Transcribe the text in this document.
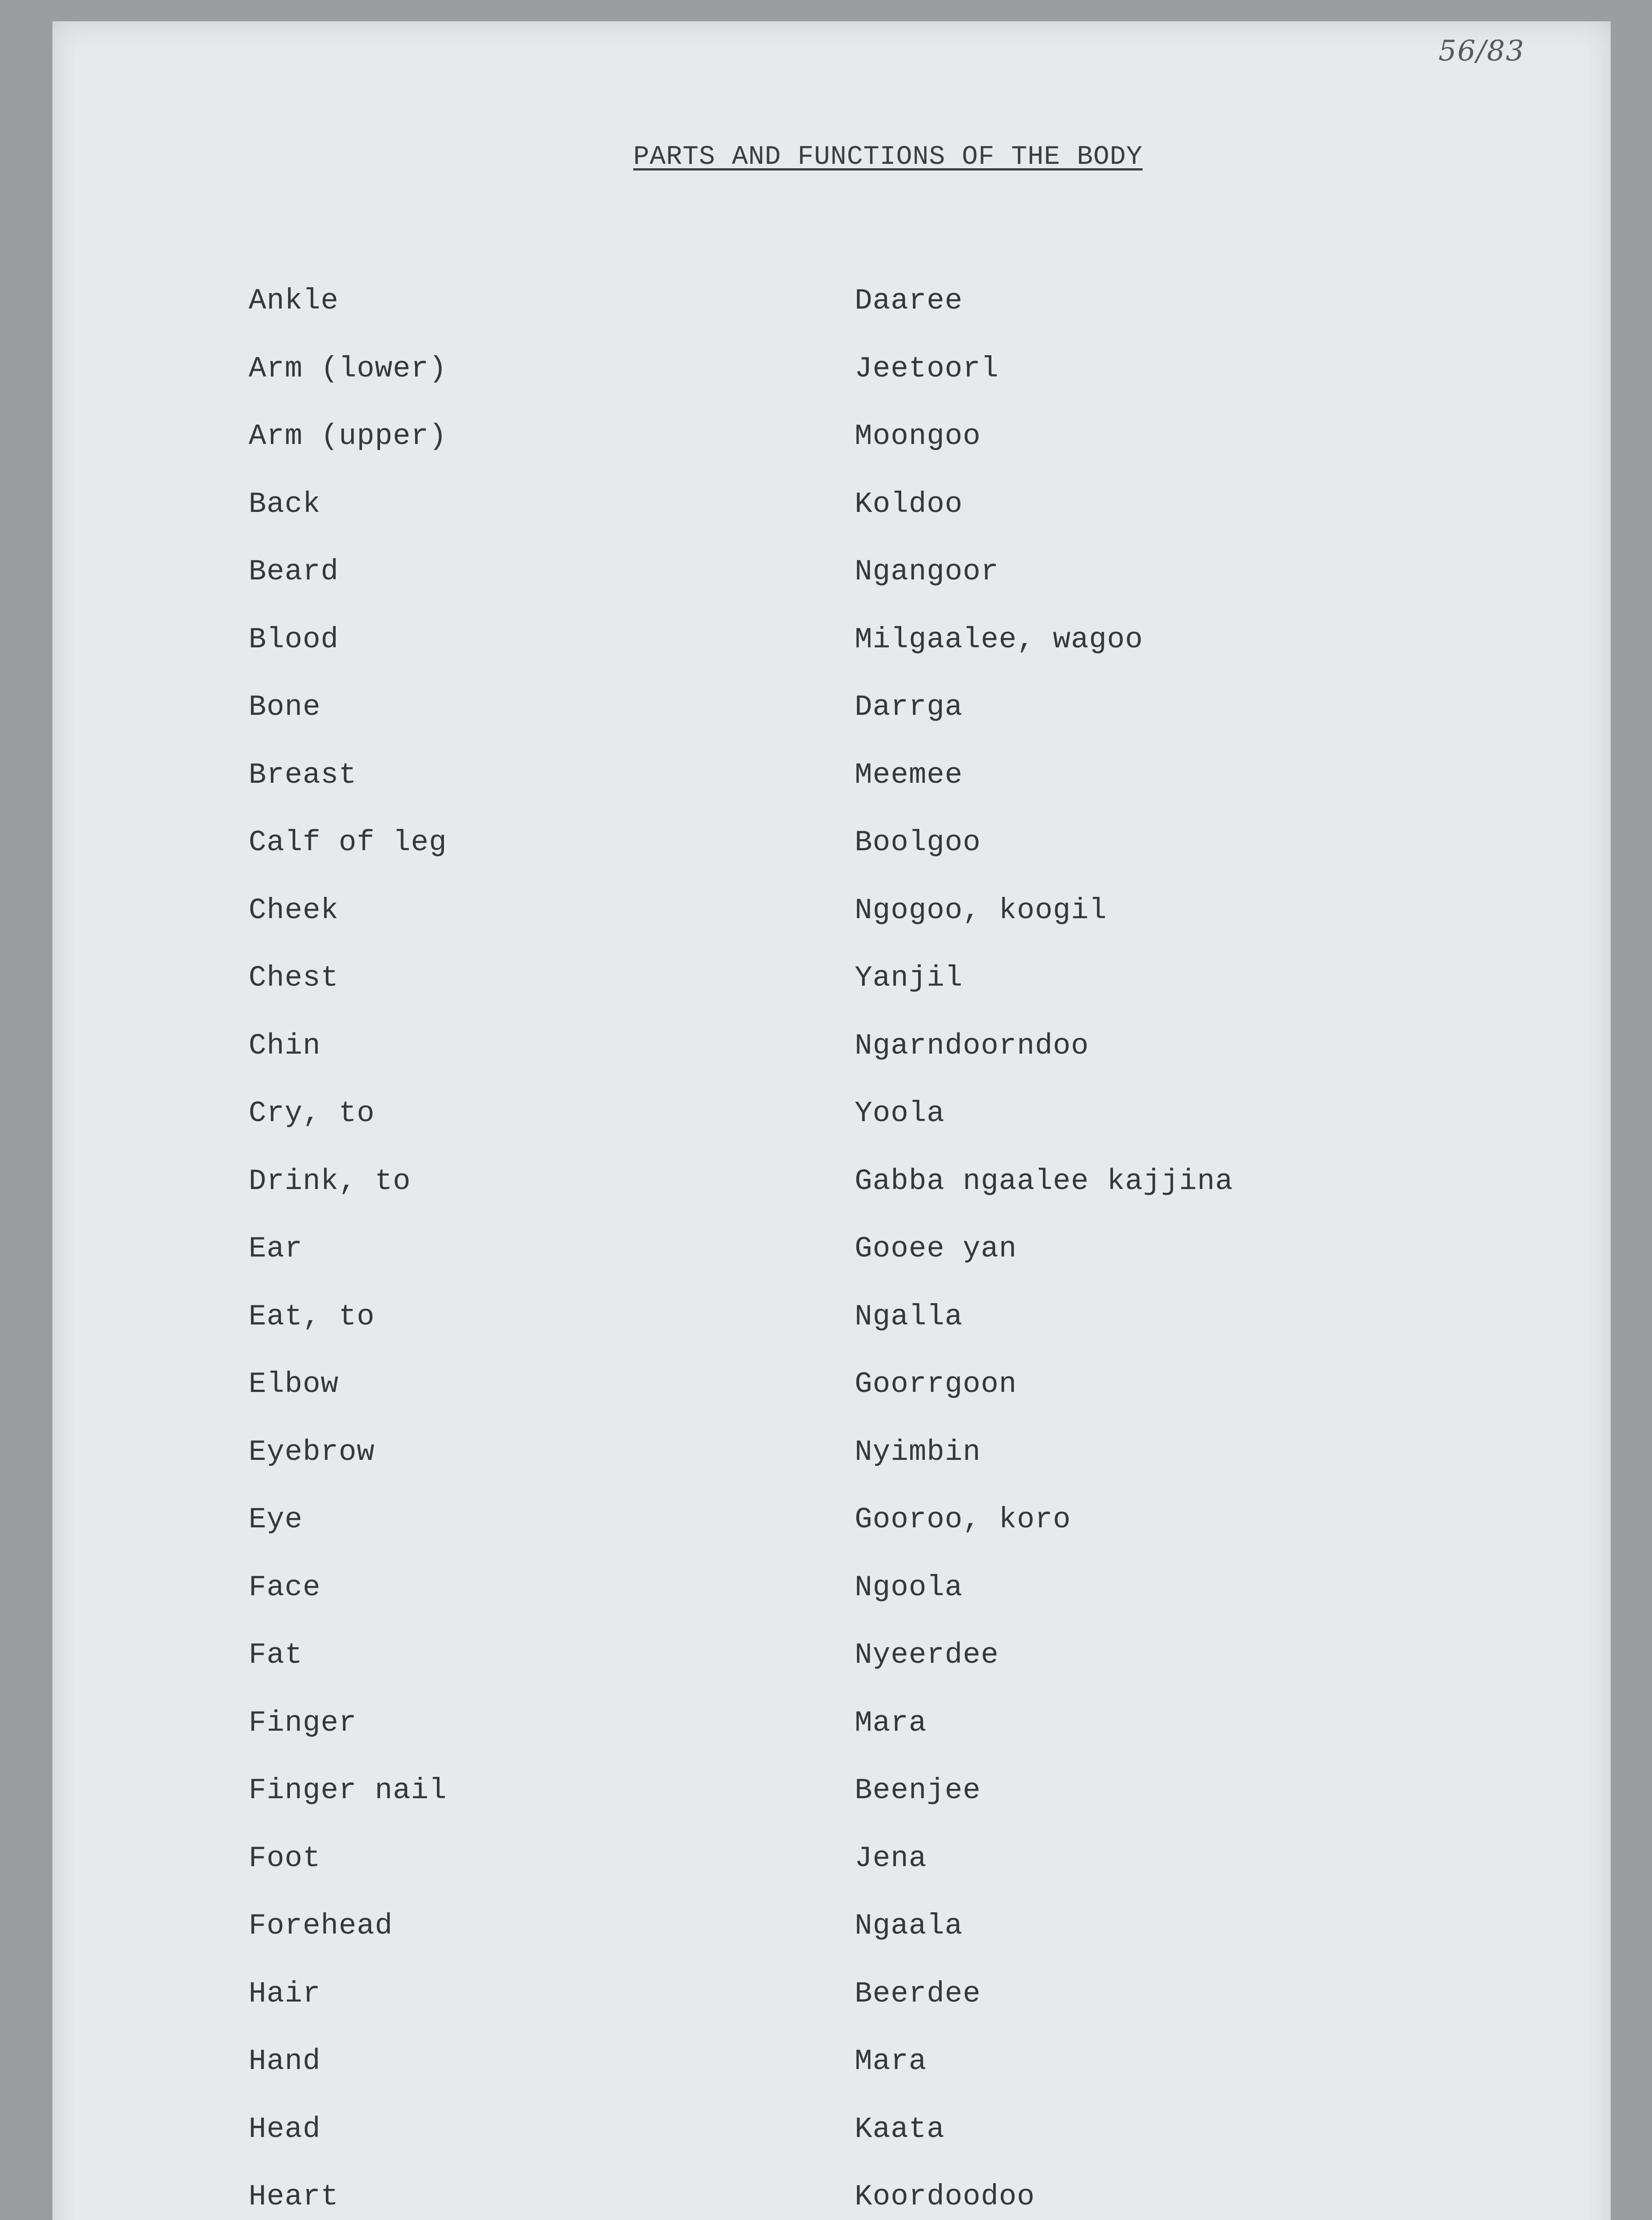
56/83
PARTS AND FUNCTIONS OF THE BODY
Ankle	Daaree
Arm (lower)	Jeetoorl
Arm (upper)	Moongoo
Back	Koldoo
Beard	Ngangoor
Blood	Milgaalee, wagoo
Bone	Darrga
Breast	Meemee
Calf of leg	Boolgoo
Cheek	Ngogoo, koogil
Chest	Yanjil
Chin	Ngarndoorndoo
Cry, to	Yoola
Drink, to	Gabba ngaalee kajjina
Ear	Gooee yan
Eat, to	Ngalla
Elbow	Goorrgoon
Eyebrow	Nyimbin
Eye	Gooroo, koro
Face	Ngoola
Fat	Nyeerdee
Finger	Mara
Finger nail	Beenjee
Foot	Jena
Forehead	Ngaala
Hair	Beerdee
Hand	Mara
Head	Kaata
Heart	Koordoodoo
